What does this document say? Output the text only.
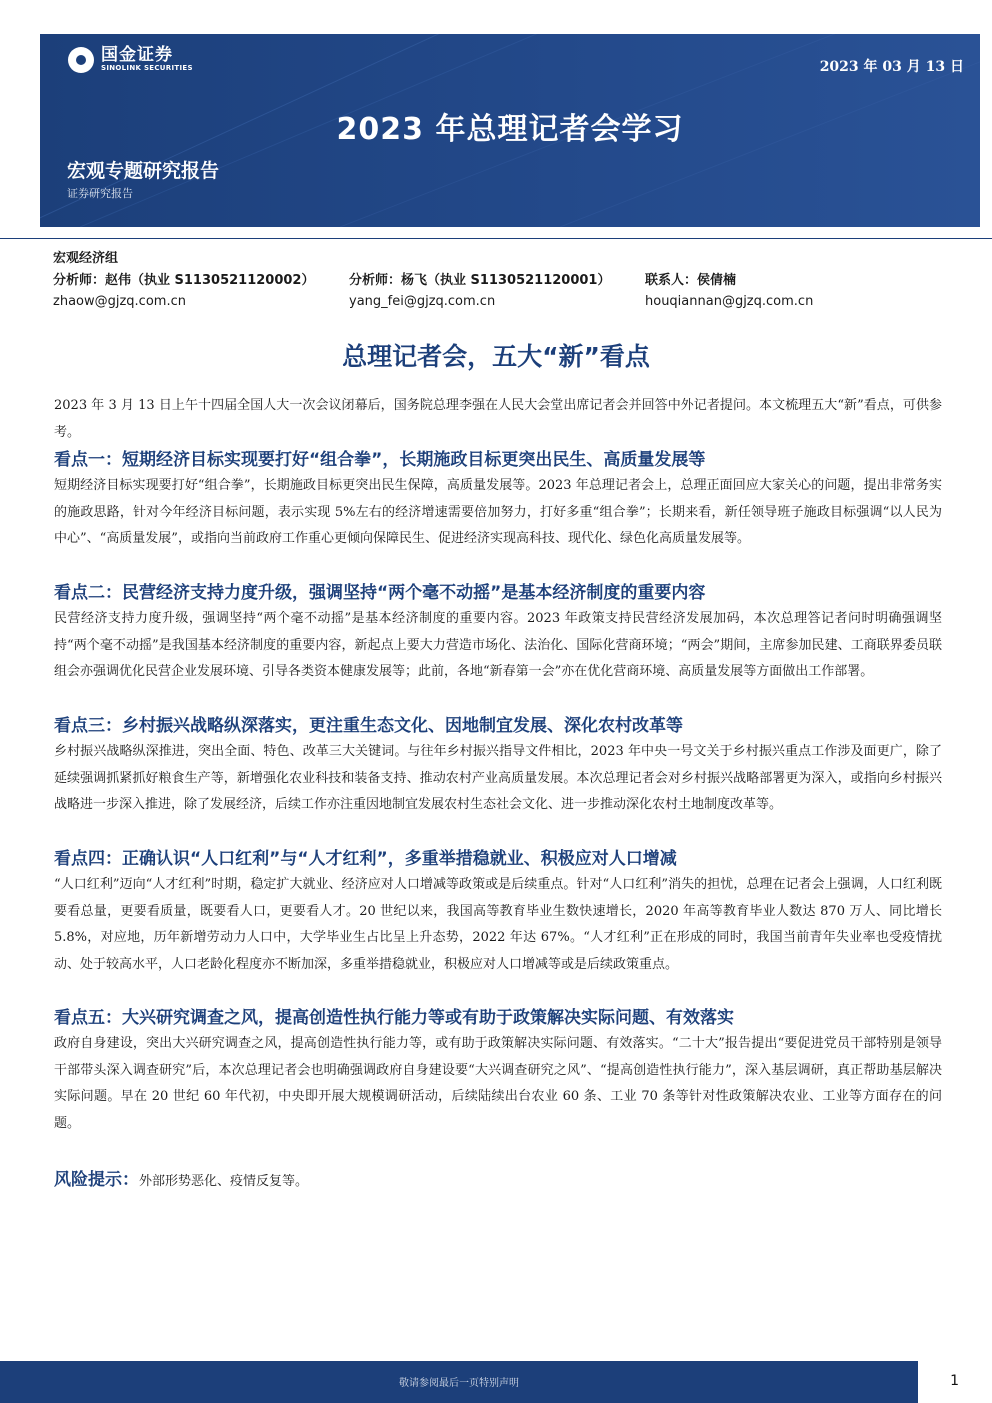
国金证券
SINOLINK SECURITIES	2023 年 03 月 13 日
2023 年总理记者会学习
宏观专题研究报告
证券研究报告
宏观经济组
分析师：赵伟（执业 S1130521120002）
zhaow@gjzq.com.cn
分析师：杨飞（执业 S1130521120001）
yang_fei@gjzq.com.cn
联系人：侯倩楠
houqiannan@gjzq.com.cn
总理记者会，五大“新”看点

2023 年 3 月 13 日上午十四届全国人大一次会议闭幕后，国务院总理李强在人民大会堂出席记者会并回答中外记者提问。本文梳理五大“新”看点，可供参考。

看点一：短期经济目标实现要打好“组合拳”，长期施政目标更突出民生、高质量发展等

短期经济目标实现要打好“组合拳”，长期施政目标更突出民生保障，高质量发展等。2023 年总理记者会上，总理正面回应大家关心的问题，提出非常务实的施政思路，针对今年经济目标问题，表示实现 5%左右的经济增速需要倍加努力，打好多重“组合拳”；长期来看，新任领导班子施政目标强调“以人民为中心”、“高质量发展”，或指向当前政府工作重心更倾向保障民生、促进经济实现高科技、现代化、绿色化高质量发展等。

看点二：民营经济支持力度升级，强调坚持“两个毫不动摇”是基本经济制度的重要内容

民营经济支持力度升级，强调坚持“两个毫不动摇”是基本经济制度的重要内容。2023 年政策支持民营经济发展加码，本次总理答记者问时明确强调坚持“两个毫不动摇”是我国基本经济制度的重要内容，新起点上要大力营造市场化、法治化、国际化营商环境；“两会”期间，主席参加民建、工商联界委员联组会亦强调优化民营企业发展环境、引导各类资本健康发展等；此前，各地“新春第一会”亦在优化营商环境、高质量发展等方面做出工作部署。

看点三：乡村振兴战略纵深落实，更注重生态文化、因地制宜发展、深化农村改革等

乡村振兴战略纵深推进，突出全面、特色、改革三大关键词。与往年乡村振兴指导文件相比，2023 年中央一号文关于乡村振兴重点工作涉及面更广，除了延续强调抓紧抓好粮食生产等，新增强化农业科技和装备支持、推动农村产业高质量发展。本次总理记者会对乡村振兴战略部署更为深入，或指向乡村振兴战略进一步深入推进，除了发展经济，后续工作亦注重因地制宜发展农村生态社会文化、进一步推动深化农村土地制度改革等。

看点四：正确认识“人口红利”与“人才红利”，多重举措稳就业、积极应对人口增减

“人口红利”迈向“人才红利”时期，稳定扩大就业、经济应对人口增减等政策或是后续重点。针对“人口红利”消失的担忧，总理在记者会上强调，人口红利既要看总量，更要看质量，既要看人口，更要看人才。20 世纪以来，我国高等教育毕业生数快速增长，2020 年高等教育毕业人数达 870 万人、同比增长 5.8%，对应地，历年新增劳动力人口中，大学毕业生占比呈上升态势，2022 年达 67%。“人才红利”正在形成的同时，我国当前青年失业率也受疫情扰动、处于较高水平，人口老龄化程度亦不断加深，多重举措稳就业，积极应对人口增减等或是后续政策重点。

看点五：大兴研究调查之风，提高创造性执行能力等或有助于政策解决实际问题、有效落实

政府自身建设，突出大兴研究调查之风，提高创造性执行能力等，或有助于政策解决实际问题、有效落实。“二十大”报告提出“要促进党员干部特别是领导干部带头深入调查研究”后，本次总理记者会也明确强调政府自身建设要“大兴调查研究之风”、“提高创造性执行能力”，深入基层调研，真正帮助基层解决实际问题。早在 20 世纪 60 年代初，中央即开展大规模调研活动，后续陆续出台农业 60 条、工业 70 条等针对性政策解决农业、工业等方面存在的问题。

风险提示：外部形势恶化、疫情反复等。
敬请参阅最后一页特别声明	1
